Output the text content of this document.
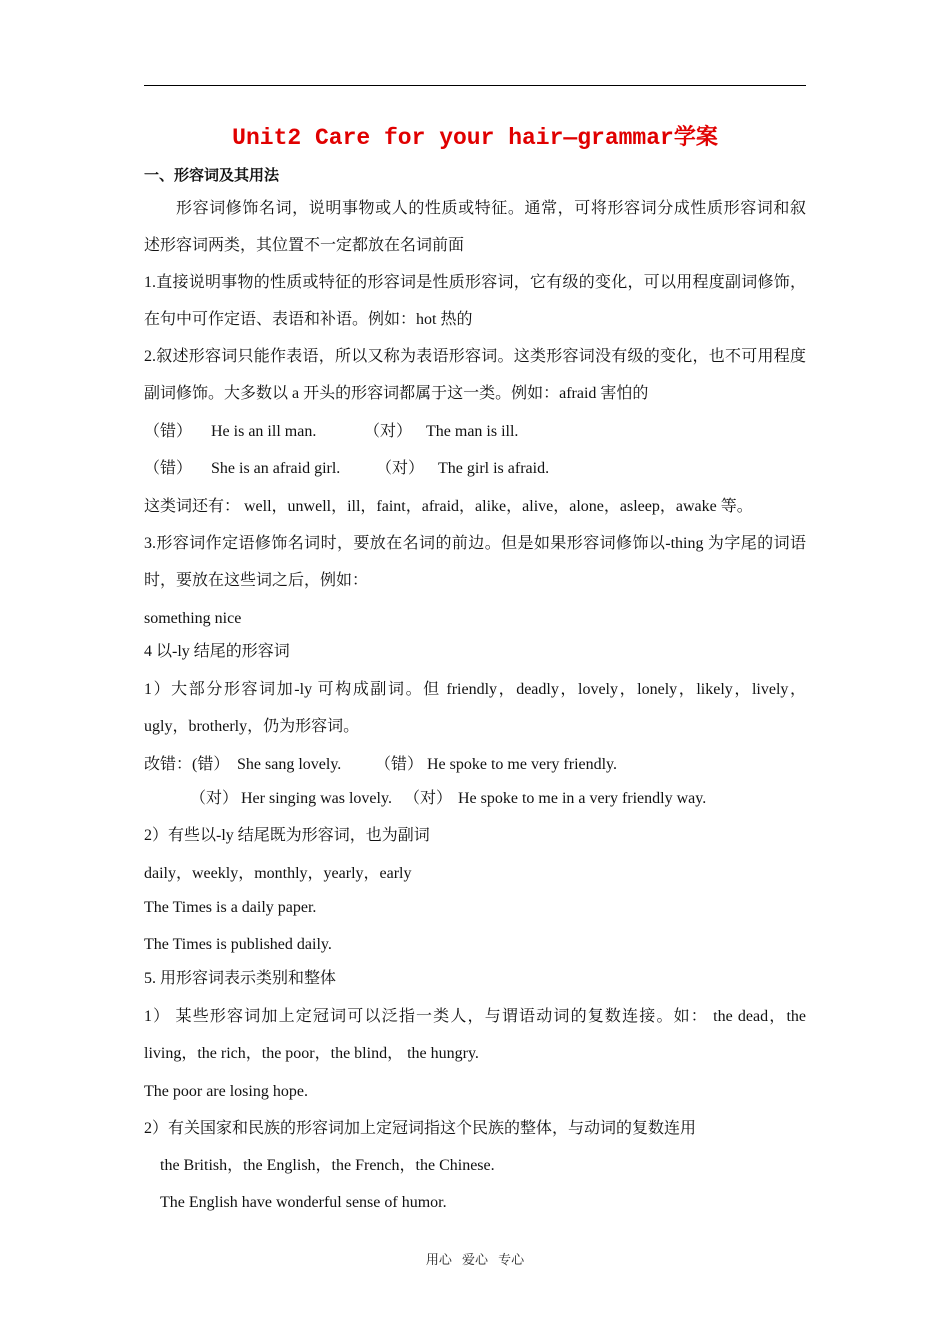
Unit2 Care for your hair—grammar学案
一、形容词及其用法
形容词修饰名词，说明事物或人的性质或特征。通常，可将形容词分成性质形容词和叙
述形容词两类，其位置不一定都放在名词前面
1.直接说明事物的性质或特征的形容词是性质形容词，它有级的变化，可以用程度副词修饰，
在句中可作定语、表语和补语。例如：hot 热的
2.叙述形容词只能作表语，所以又称为表语形容词。这类形容词没有级的变化，也不可用程度
副词修饰。大多数以 a 开头的形容词都属于这一类。例如：afraid 害怕的
（错） He is an ill man.	（对） The man is ill.
（错） She is an afraid girl. （对） The girl is afraid.
这类词还有： well，unwell，ill，faint，afraid，alike，alive，alone，asleep，awake 等。
3.形容词作定语修饰名词时，要放在名词的前边。但是如果形容词修饰以-thing 为字尾的词语
时，要放在这些词之后，例如：
something nice
4 以-ly 结尾的形容词
1）大部分形容词加-ly 可构成副词。但 friendly，deadly，lovely，lonely，likely，lively，
ugly，brotherly，仍为形容词。
改错： (错） She sang lovely. （错） He spoke to me very friendly.
（对） Her singing was lovely. （对） He spoke to me in a very friendly way.
2）有些以-ly 结尾既为形容词，也为副词
daily，weekly，monthly，yearly，early
The Times is a daily paper.
The Times is published daily.
5. 用形容词表示类别和整体
1） 某些形容词加上定冠词可以泛指一类人，与谓语动词的复数连接。如： the dead，the
living，the rich，the poor，the blind， the hungry.
The poor are losing hope.
2）有关国家和民族的形容词加上定冠词指这个民族的整体，与动词的复数连用
the British，the English，the French，the Chinese.
The English have wonderful sense of humor.
用心 爱心 专心
